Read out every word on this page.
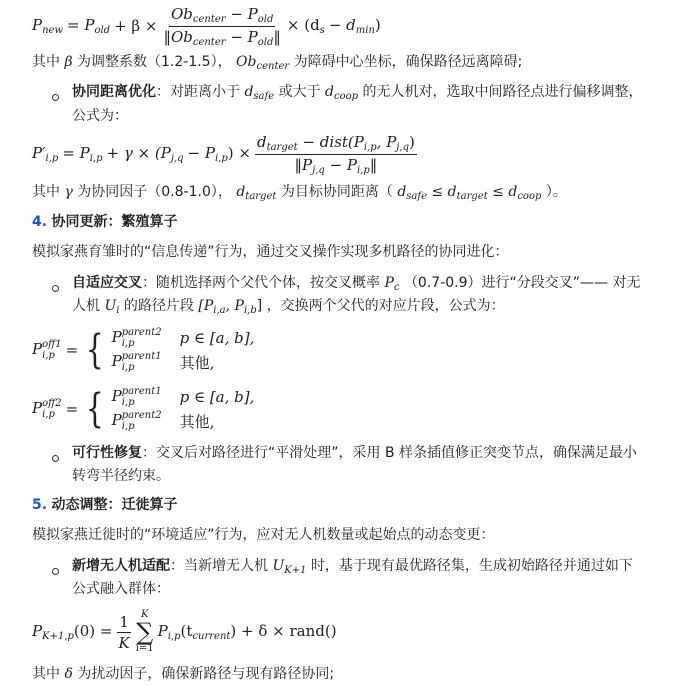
$P_{new} = P_{old} + \beta \times \frac{Ob_{center} - P_{old}}{‖Ob_{center} - P_{old}‖} \times (d_s - d_{min})$
其中 β 为调整系数（1.2-1.5）， $Ob_{center}$ 为障碍中心坐标，确保路径远离障碍;
协同距离优化：对距离小于 $d_{safe}$ 或大于 $d_{coop}$ 的无人机对，选取中间路径点进行偏移调整，
公式为：
$P'_{i,p} = P_{i,p} + \gamma \times (P_{j,q} - P_{i,p}) \times \frac{d_{target} - dist(P_{i,p}, P_{j,q})}{‖P_{j,q} - P_{i,p}‖}$
其中 γ 为协同因子（0.8-1.0）， $d_{target}$ 为目标协同距离（ $d_{safe} \le d_{target} \le d_{coop}$ ）。
4. 协同更新：繁殖算子
模拟家燕育雏时的“信息传递”行为，通过交叉操作实现多机路径的协同进化：
自适应交叉：随机选择两个父代个体，按交叉概率 $P_c$ （0.7-0.9）进行“分段交叉”—— 对无
人机 $U_i$ 的路径片段 [$P_{i,a}$, $P_{i,b}$] ，交换两个父代的对应片段，公式为：
P off1
i,p = { P parent2
i,p	p ∈ [a, b],
P parent1
i,p	其他,
P off2
i,p = { P parent1
i,p	p ∈ [a, b],
P parent2
i,p	其他,
可行性修复：交叉后对路径进行“平滑处理”，采用 B 样条插值修正突变节点，确保满足最小
转弯半径约束。
5. 动态调整：迁徙算子
模拟家燕迁徙时的“环境适应”行为，应对无人机数量或起始点的动态变更：
新增无人机适配：当新增无人机 $U_{K+1}$ 时，基于现有最优路径集，生成初始路径并通过如下
公式融入群体：
$P_{K+1,p}(0) = \frac{1}{K}$ K
∑
i=1
$P_{i,p}(t_{current}) + \delta$ × rand()
其中 δ 为扰动因子，确保新路径与现有路径协同;
